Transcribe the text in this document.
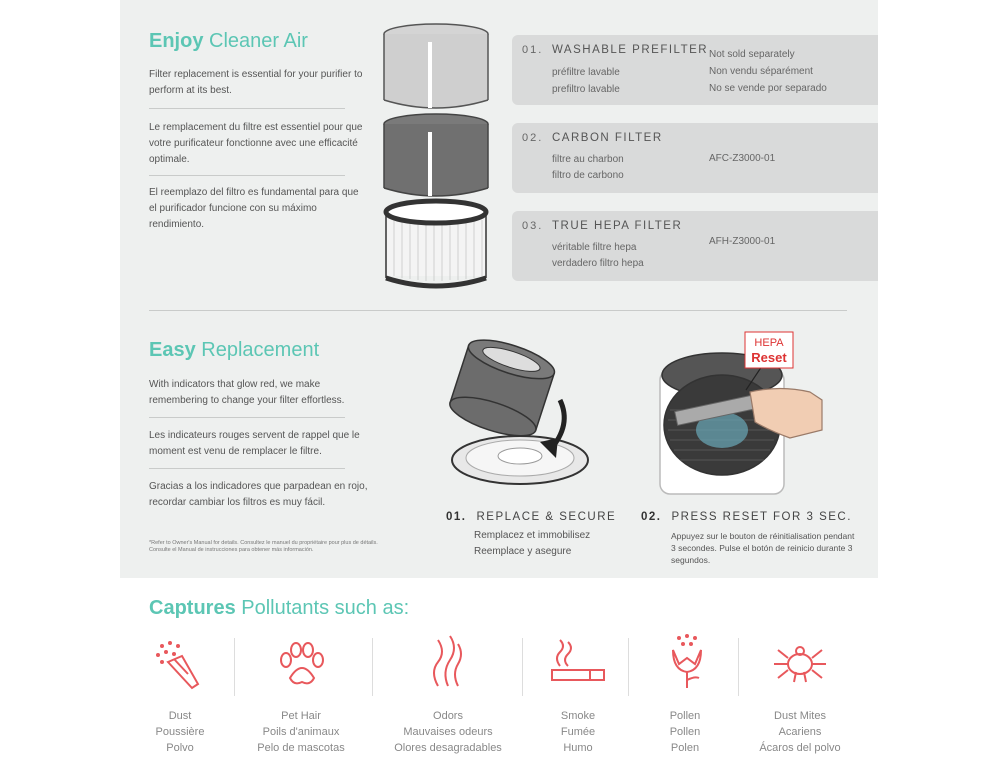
Enjoy Cleaner Air
Filter replacement is essential for your purifier to perform at its best.
Le remplacement du filtre est essentiel pour que votre purificateur fonctionne avec une efficacité optimale.
El reemplazo del filtro es fundamental para que el purificador funcione con su máximo rendimiento.
01. WASHABLE PREFILTER
préfiltre lavable
prefiltro lavable
Not sold separately
Non vendu séparément
No se vende por separado
02. CARBON FILTER
filtre au charbon
filtro de carbono
AFC-Z3000-01
03. TRUE HEPA FILTER
véritable filtre hepa
verdadero filtro hepa
AFH-Z3000-01
Easy Replacement
With indicators that glow red, we make remembering to change your filter effortless.
Les indicateurs rouges servent de rappel que le moment est venu de remplacer le filtre.
Gracias a los indicadores que parpadean en rojo, recordar cambiar los filtros es muy fácil.
*Refer to Owner's Manual for details. Consultez le manuel du propriétaire pour plus de détails. Consulte el Manual de instrucciones para obtener más información.
HEPA
Reset
01. REPLACE & SECURE
Remplacez et immobilisez
Reemplace y asegure
02. PRESS RESET FOR 3 SEC.
Appuyez sur le bouton de réinitialisation pendant 3 secondes. Pulse el botón de reinicio durante 3 segundos.
Captures Pollutants such as:
Dust
Poussière
Polvo
Pet Hair
Poils d'animaux
Pelo de mascotas
Odors
Mauvaises odeurs
Olores desagradables
Smoke
Fumée
Humo
Pollen
Pollen
Polen
Dust Mites
Acariens
Ácaros del polvo
